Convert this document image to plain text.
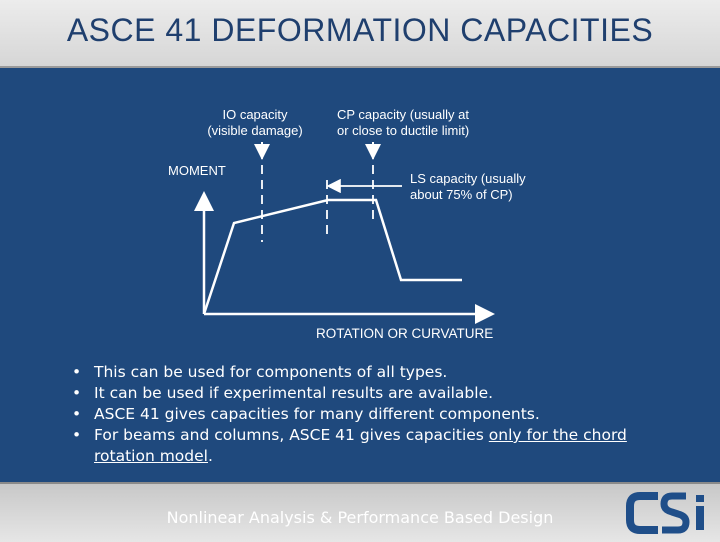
ASCE 41 DEFORMATION CAPACITIES
MOMENT
ROTATION OR CURVATURE
IO capacity
(visible damage)
CP capacity (usually at
or close to ductile limit)
LS capacity (usually
about 75% of CP)
• This can be used for components of all types.
• It can be used if experimental results are available.
• ASCE 41 gives capacities for many different components.
• For beams and columns, ASCE 41 gives capacities only for the chord
rotation model.
Nonlinear Analysis & Performance Based Design
